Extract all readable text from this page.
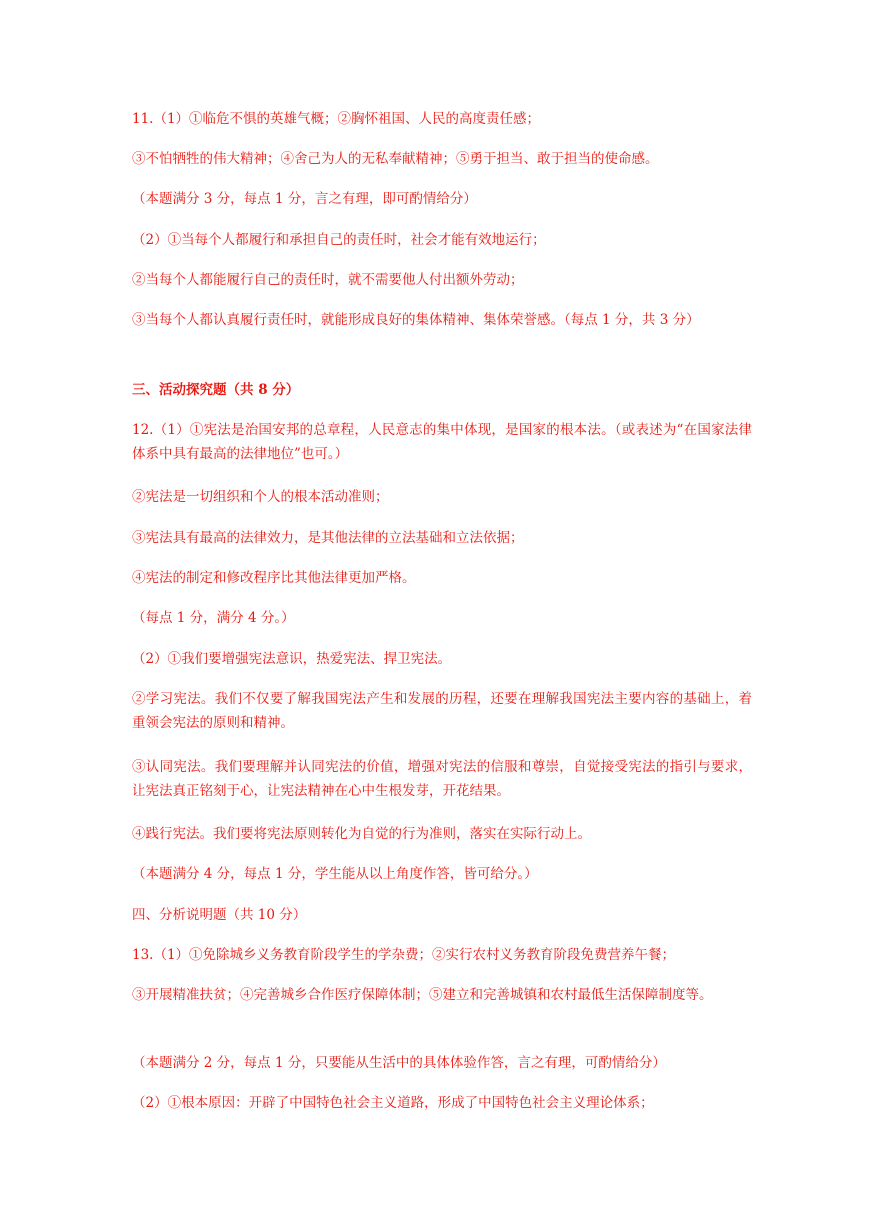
11.（1）①临危不惧的英雄气概；②胸怀祖国、人民的高度责任感；

③不怕牺牲的伟大精神；④舍己为人的无私奉献精神；⑤勇于担当、敢于担当的使命感。

（本题满分 3 分，每点 1 分，言之有理，即可酌情给分）

（2）①当每个人都履行和承担自己的责任时，社会才能有效地运行；

②当每个人都能履行自己的责任时，就不需要他人付出额外劳动；

③当每个人都认真履行责任时，就能形成良好的集体精神、集体荣誉感。（每点 1 分，共 3 分）

三、活动探究题（共 8 分）

12.（1）①宪法是治国安邦的总章程，人民意志的集中体现，是国家的根本法。（或表述为“在国家法律体系中具有最高的法律地位”也可。）

②宪法是一切组织和个人的根本活动准则；

③宪法具有最高的法律效力，是其他法律的立法基础和立法依据；

④宪法的制定和修改程序比其他法律更加严格。

（每点 1 分，满分 4 分。）

（2）①我们要增强宪法意识，热爱宪法、捍卫宪法。

②学习宪法。我们不仅要了解我国宪法产生和发展的历程，还要在理解我国宪法主要内容的基础上，着重领会宪法的原则和精神。

③认同宪法。我们要理解并认同宪法的价值，增强对宪法的信服和尊崇，自觉接受宪法的指引与要求，让宪法真正铭刻于心，让宪法精神在心中生根发芽，开花结果。

④践行宪法。我们要将宪法原则转化为自觉的行为准则，落实在实际行动上。

（本题满分 4 分，每点 1 分，学生能从以上角度作答，皆可给分。）

四、分析说明题（共 10 分）

13.（1）①免除城乡义务教育阶段学生的学杂费；②实行农村义务教育阶段免费营养午餐；

③开展精准扶贫；④完善城乡合作医疗保障体制；⑤建立和完善城镇和农村最低生活保障制度等。

（本题满分 2 分，每点 1 分，只要能从生活中的具体体验作答，言之有理，可酌情给分）

（2）①根本原因：开辟了中国特色社会主义道路，形成了中国特色社会主义理论体系；
